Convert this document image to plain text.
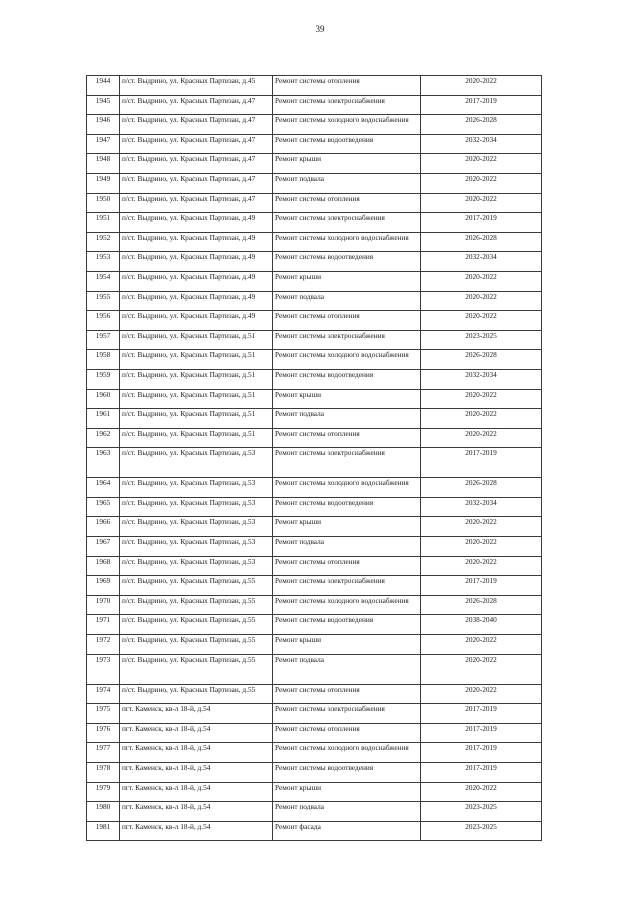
39
1944	п/ст. Выдрино, ул. Красных Партизан, д.45	Ремонт системы отопления	2020-2022
1945	п/ст. Выдрино, ул. Красных Партизан, д.47	Ремонт системы электроснабжения	2017-2019
1946	п/ст. Выдрино, ул. Красных Партизан, д.47	Ремонт системы холодного водоснабжения	2026-2028
1947	п/ст. Выдрино, ул. Красных Партизан, д.47	Ремонт системы водоотведения	2032-2034
1948	п/ст. Выдрино, ул. Красных Партизан, д.47	Ремонт крыши	2020-2022
1949	п/ст. Выдрино, ул. Красных Партизан, д.47	Ремонт подвала	2020-2022
1950	п/ст. Выдрино, ул. Красных Партизан, д.47	Ремонт системы отопления	2020-2022
1951	п/ст. Выдрино, ул. Красных Партизан, д.49	Ремонт системы электроснабжения	2017-2019
1952	п/ст. Выдрино, ул. Красных Партизан, д.49	Ремонт системы холодного водоснабжения	2026-2028
1953	п/ст. Выдрино, ул. Красных Партизан, д.49	Ремонт системы водоотведения	2032-2034
1954	п/ст. Выдрино, ул. Красных Партизан, д.49	Ремонт крыши	2020-2022
1955	п/ст. Выдрино, ул. Красных Партизан, д.49	Ремонт подвала	2020-2022
1956	п/ст. Выдрино, ул. Красных Партизан, д.49	Ремонт системы отопления	2020-2022
1957	п/ст. Выдрино, ул. Красных Партизан, д.51	Ремонт системы электроснабжения	2023-2025
1958	п/ст. Выдрино, ул. Красных Партизан, д.51	Ремонт системы холодного водоснабжения	2026-2028
1959	п/ст. Выдрино, ул. Красных Партизан, д.51	Ремонт системы водоотведения	2032-2034
1960	п/ст. Выдрино, ул. Красных Партизан, д.51	Ремонт крыши	2020-2022
1961	п/ст. Выдрино, ул. Красных Партизан, д.51	Ремонт подвала	2020-2022
1962	п/ст. Выдрино, ул. Красных Партизан, д.51	Ремонт системы отопления	2020-2022
1963	п/ст. Выдрино, ул. Красных Партизан, д.53	Ремонт системы электроснабжения	2017-2019
1964	п/ст. Выдрино, ул. Красных Партизан, д.53	Ремонт системы холодного водоснабжения	2026-2028
1965	п/ст. Выдрино, ул. Красных Партизан, д.53	Ремонт системы водоотведения	2032-2034
1966	п/ст. Выдрино, ул. Красных Партизан, д.53	Ремонт крыши	2020-2022
1967	п/ст. Выдрино, ул. Красных Партизан, д.53	Ремонт подвала	2020-2022
1968	п/ст. Выдрино, ул. Красных Партизан, д.53	Ремонт системы отопления	2020-2022
1969	п/ст. Выдрино, ул. Красных Партизан, д.55	Ремонт системы электроснабжения	2017-2019
1970	п/ст. Выдрино, ул. Красных Партизан, д.55	Ремонт системы холодного водоснабжения	2026-2028
1971	п/ст. Выдрино, ул. Красных Партизан, д.55	Ремонт системы водоотведения	2038-2040
1972	п/ст. Выдрино, ул. Красных Партизан, д.55	Ремонт крыши	2020-2022
1973	п/ст. Выдрино, ул. Красных Партизан, д.55	Ремонт подвала	2020-2022
1974	п/ст. Выдрино, ул. Красных Партизан, д.55	Ремонт системы отопления	2020-2022
1975	пгт. Каменск, кв-л 18-й, д.54	Ремонт системы электроснабжения	2017-2019
1976	пгт. Каменск, кв-л 18-й, д.54	Ремонт системы отопления	2017-2019
1977	пгт. Каменск, кв-л 18-й, д.54	Ремонт системы холодного водоснабжения	2017-2019
1978	пгт. Каменск, кв-л 18-й, д.54	Ремонт системы водоотведения	2017-2019
1979	пгт. Каменск, кв-л 18-й, д.54	Ремонт крыши	2020-2022
1980	пгт. Каменск, кв-л 18-й, д.54	Ремонт подвала	2023-2025
1981	пгт. Каменск, кв-л 18-й, д.54	Ремонт фасада	2023-2025
